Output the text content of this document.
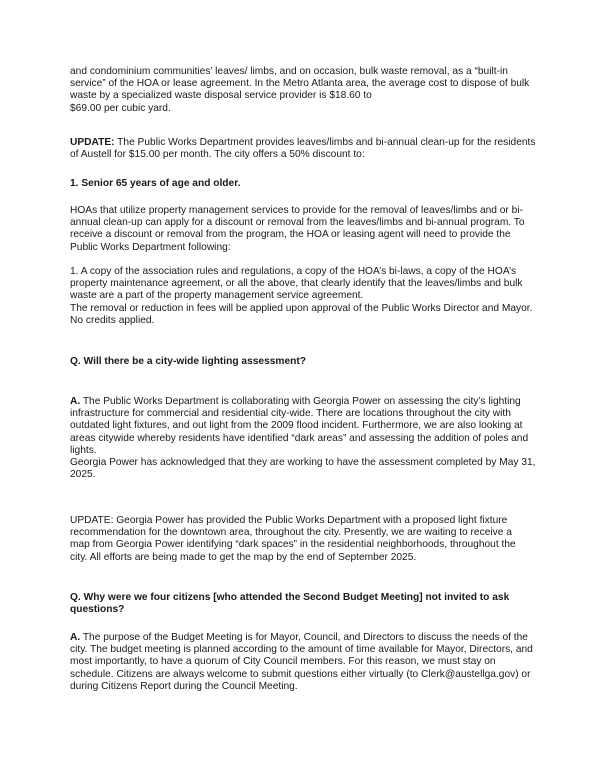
and condominium communities’ leaves/ limbs, and on occasion, bulk waste removal, as a “built-in
service” of the HOA or lease agreement. In the Metro Atlanta area, the average cost to dispose of bulk
waste by a specialized waste disposal service provider is $18.60 to
$69.00 per cubic yard.

UPDATE: The Public Works Department provides leaves/limbs and bi-annual clean-up for the residents
of Austell for $15.00 per month. The city offers a 50% discount to:

1. Senior 65 years of age and older.

HOAs that utilize property management services to provide for the removal of leaves/limbs and or bi-
annual clean-up can apply for a discount or removal from the leaves/limbs and bi-annual program. To
receive a discount or removal from the program, the HOA or leasing agent will need to provide the
Public Works Department following:

1. A copy of the association rules and regulations, a copy of the HOA’s bi-laws, a copy of the HOA’s
property maintenance agreement, or all the above, that clearly identify that the leaves/limbs and bulk
waste are a part of the property management service agreement.
The removal or reduction in fees will be applied upon approval of the Public Works Director and Mayor.
No credits applied.

Q. Will there be a city-wide lighting assessment?

A. The Public Works Department is collaborating with Georgia Power on assessing the city’s lighting
infrastructure for commercial and residential city-wide. There are locations throughout the city with
outdated light fixtures, and out light from the 2009 flood incident. Furthermore, we are also looking at
areas citywide whereby residents have identified “dark areas” and assessing the addition of poles and
lights.
Georgia Power has acknowledged that they are working to have the assessment completed by May 31,
2025.

UPDATE: Georgia Power has provided the Public Works Department with a proposed light fixture
recommendation for the downtown area, throughout the city. Presently, we are waiting to receive a
map from Georgia Power identifying “dark spaces” in the residential neighborhoods, throughout the
city. All efforts are being made to get the map by the end of September 2025.

Q. Why were we four citizens [who attended the Second Budget Meeting] not invited to ask
questions?

A. The purpose of the Budget Meeting is for Mayor, Council, and Directors to discuss the needs of the
city. The budget meeting is planned according to the amount of time available for Mayor, Directors, and
most importantly, to have a quorum of City Council members. For this reason, we must stay on
schedule. Citizens are always welcome to submit questions either virtually (to Clerk@austellga.gov) or
during Citizens Report during the Council Meeting.
